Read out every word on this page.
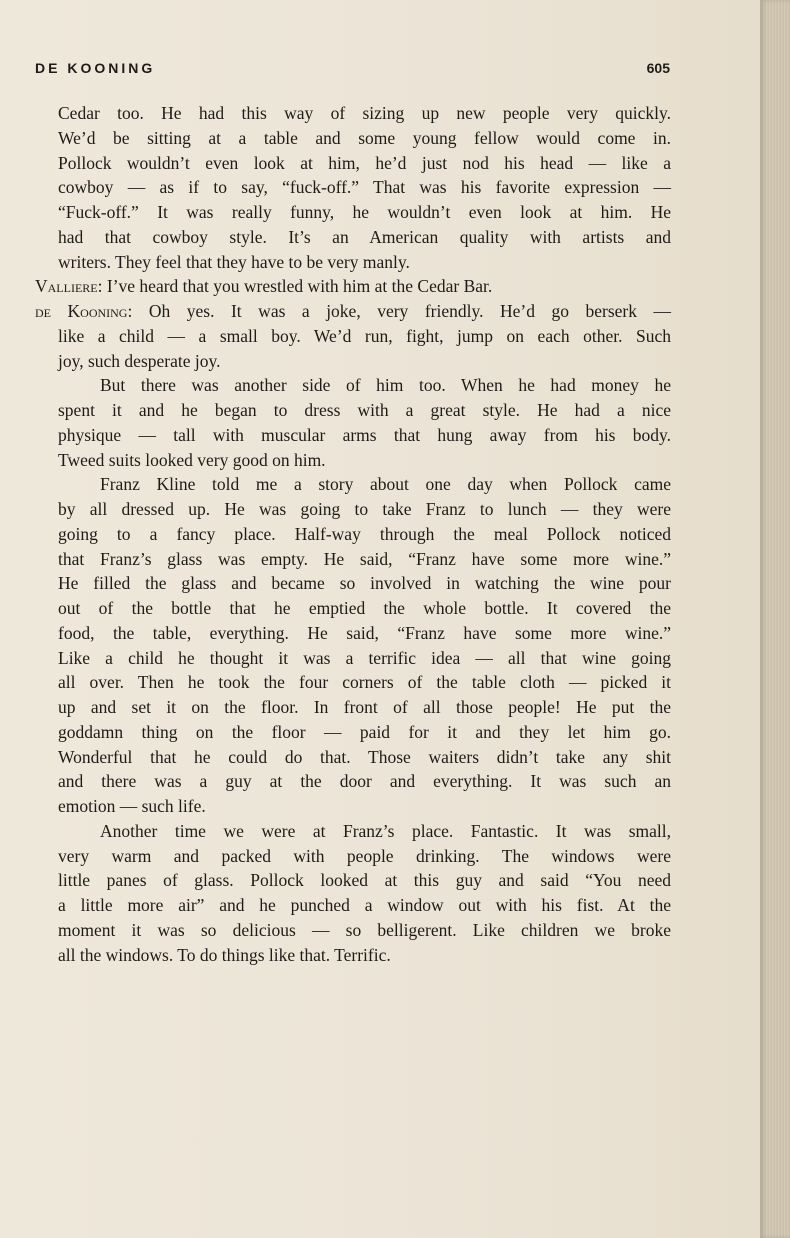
DE KOONING	605
Cedar too. He had this way of sizing up new people very quickly.
We’d be sitting at a table and some young fellow would come in.
Pollock wouldn’t even look at him, he’d just nod his head — like a
cowboy — as if to say, “fuck-off.” That was his favorite expression —
“Fuck-off.” It was really funny, he wouldn’t even look at him. He
had that cowboy style. It’s an American quality with artists and
writers. They feel that they have to be very manly.
Valliere: I’ve heard that you wrestled with him at the Cedar Bar.
de Kooning: Oh yes. It was a joke, very friendly. He’d go berserk —
like a child — a small boy. We’d run, fight, jump on each other. Such
joy, such desperate joy.
But there was another side of him too. When he had money he
spent it and he began to dress with a great style. He had a nice
physique — tall with muscular arms that hung away from his body.
Tweed suits looked very good on him.
Franz Kline told me a story about one day when Pollock came
by all dressed up. He was going to take Franz to lunch — they were
going to a fancy place. Half-way through the meal Pollock noticed
that Franz’s glass was empty. He said, “Franz have some more wine.”
He filled the glass and became so involved in watching the wine pour
out of the bottle that he emptied the whole bottle. It covered the
food, the table, everything. He said, “Franz have some more wine.”
Like a child he thought it was a terrific idea — all that wine going
all over. Then he took the four corners of the table cloth — picked it
up and set it on the floor. In front of all those people! He put the
goddamn thing on the floor — paid for it and they let him go.
Wonderful that he could do that. Those waiters didn’t take any shit
and there was a guy at the door and everything. It was such an
emotion — such life.
Another time we were at Franz’s place. Fantastic. It was small,
very warm and packed with people drinking. The windows were
little panes of glass. Pollock looked at this guy and said “You need
a little more air” and he punched a window out with his fist. At the
moment it was so delicious — so belligerent. Like children we broke
all the windows. To do things like that. Terrific.
